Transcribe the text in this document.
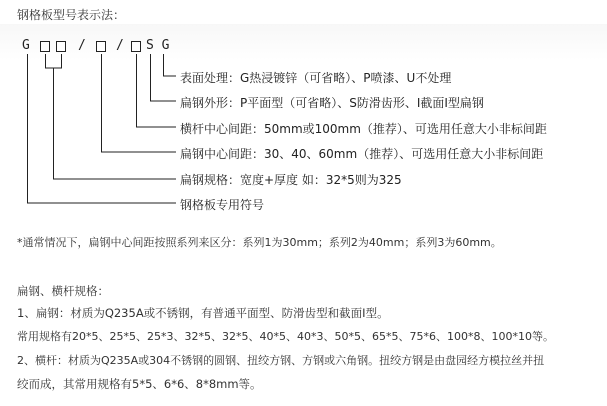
钢格板型号表示法：
G	/ / S G
表面处理：G热浸镀锌（可省略）、P喷漆、U不处理
扁钢外形：P平面型（可省略）、S防滑齿形、I截面I型扁钢
横杆中心间距：50mm或100mm（推荐）、可选用任意大小非标间距
扁钢中心间距：30、40、60mm（推荐）、可选用任意大小非标间距
扁钢规格：宽度+厚度 如：32*5则为325
钢格板专用符号
*通常情况下，扁钢中心间距按照系列来区分：系列1为30mm；系列2为40mm；系列3为60mm。
扁钢、横杆规格：
1、扁钢：材质为Q235A或不锈钢，有普通平面型、防滑齿型和截面I型。
常用规格有20*5、25*5、25*3、32*5、32*5、40*5、40*3、50*5、65*5、75*6、100*8、100*10等。
2、横杆：材质为Q235A或304不锈钢的圆钢、扭绞方钢、方钢或六角钢。扭绞方钢是由盘园经方模拉丝并扭
绞而成，其常用规格有5*5、6*6、8*8mm等。
